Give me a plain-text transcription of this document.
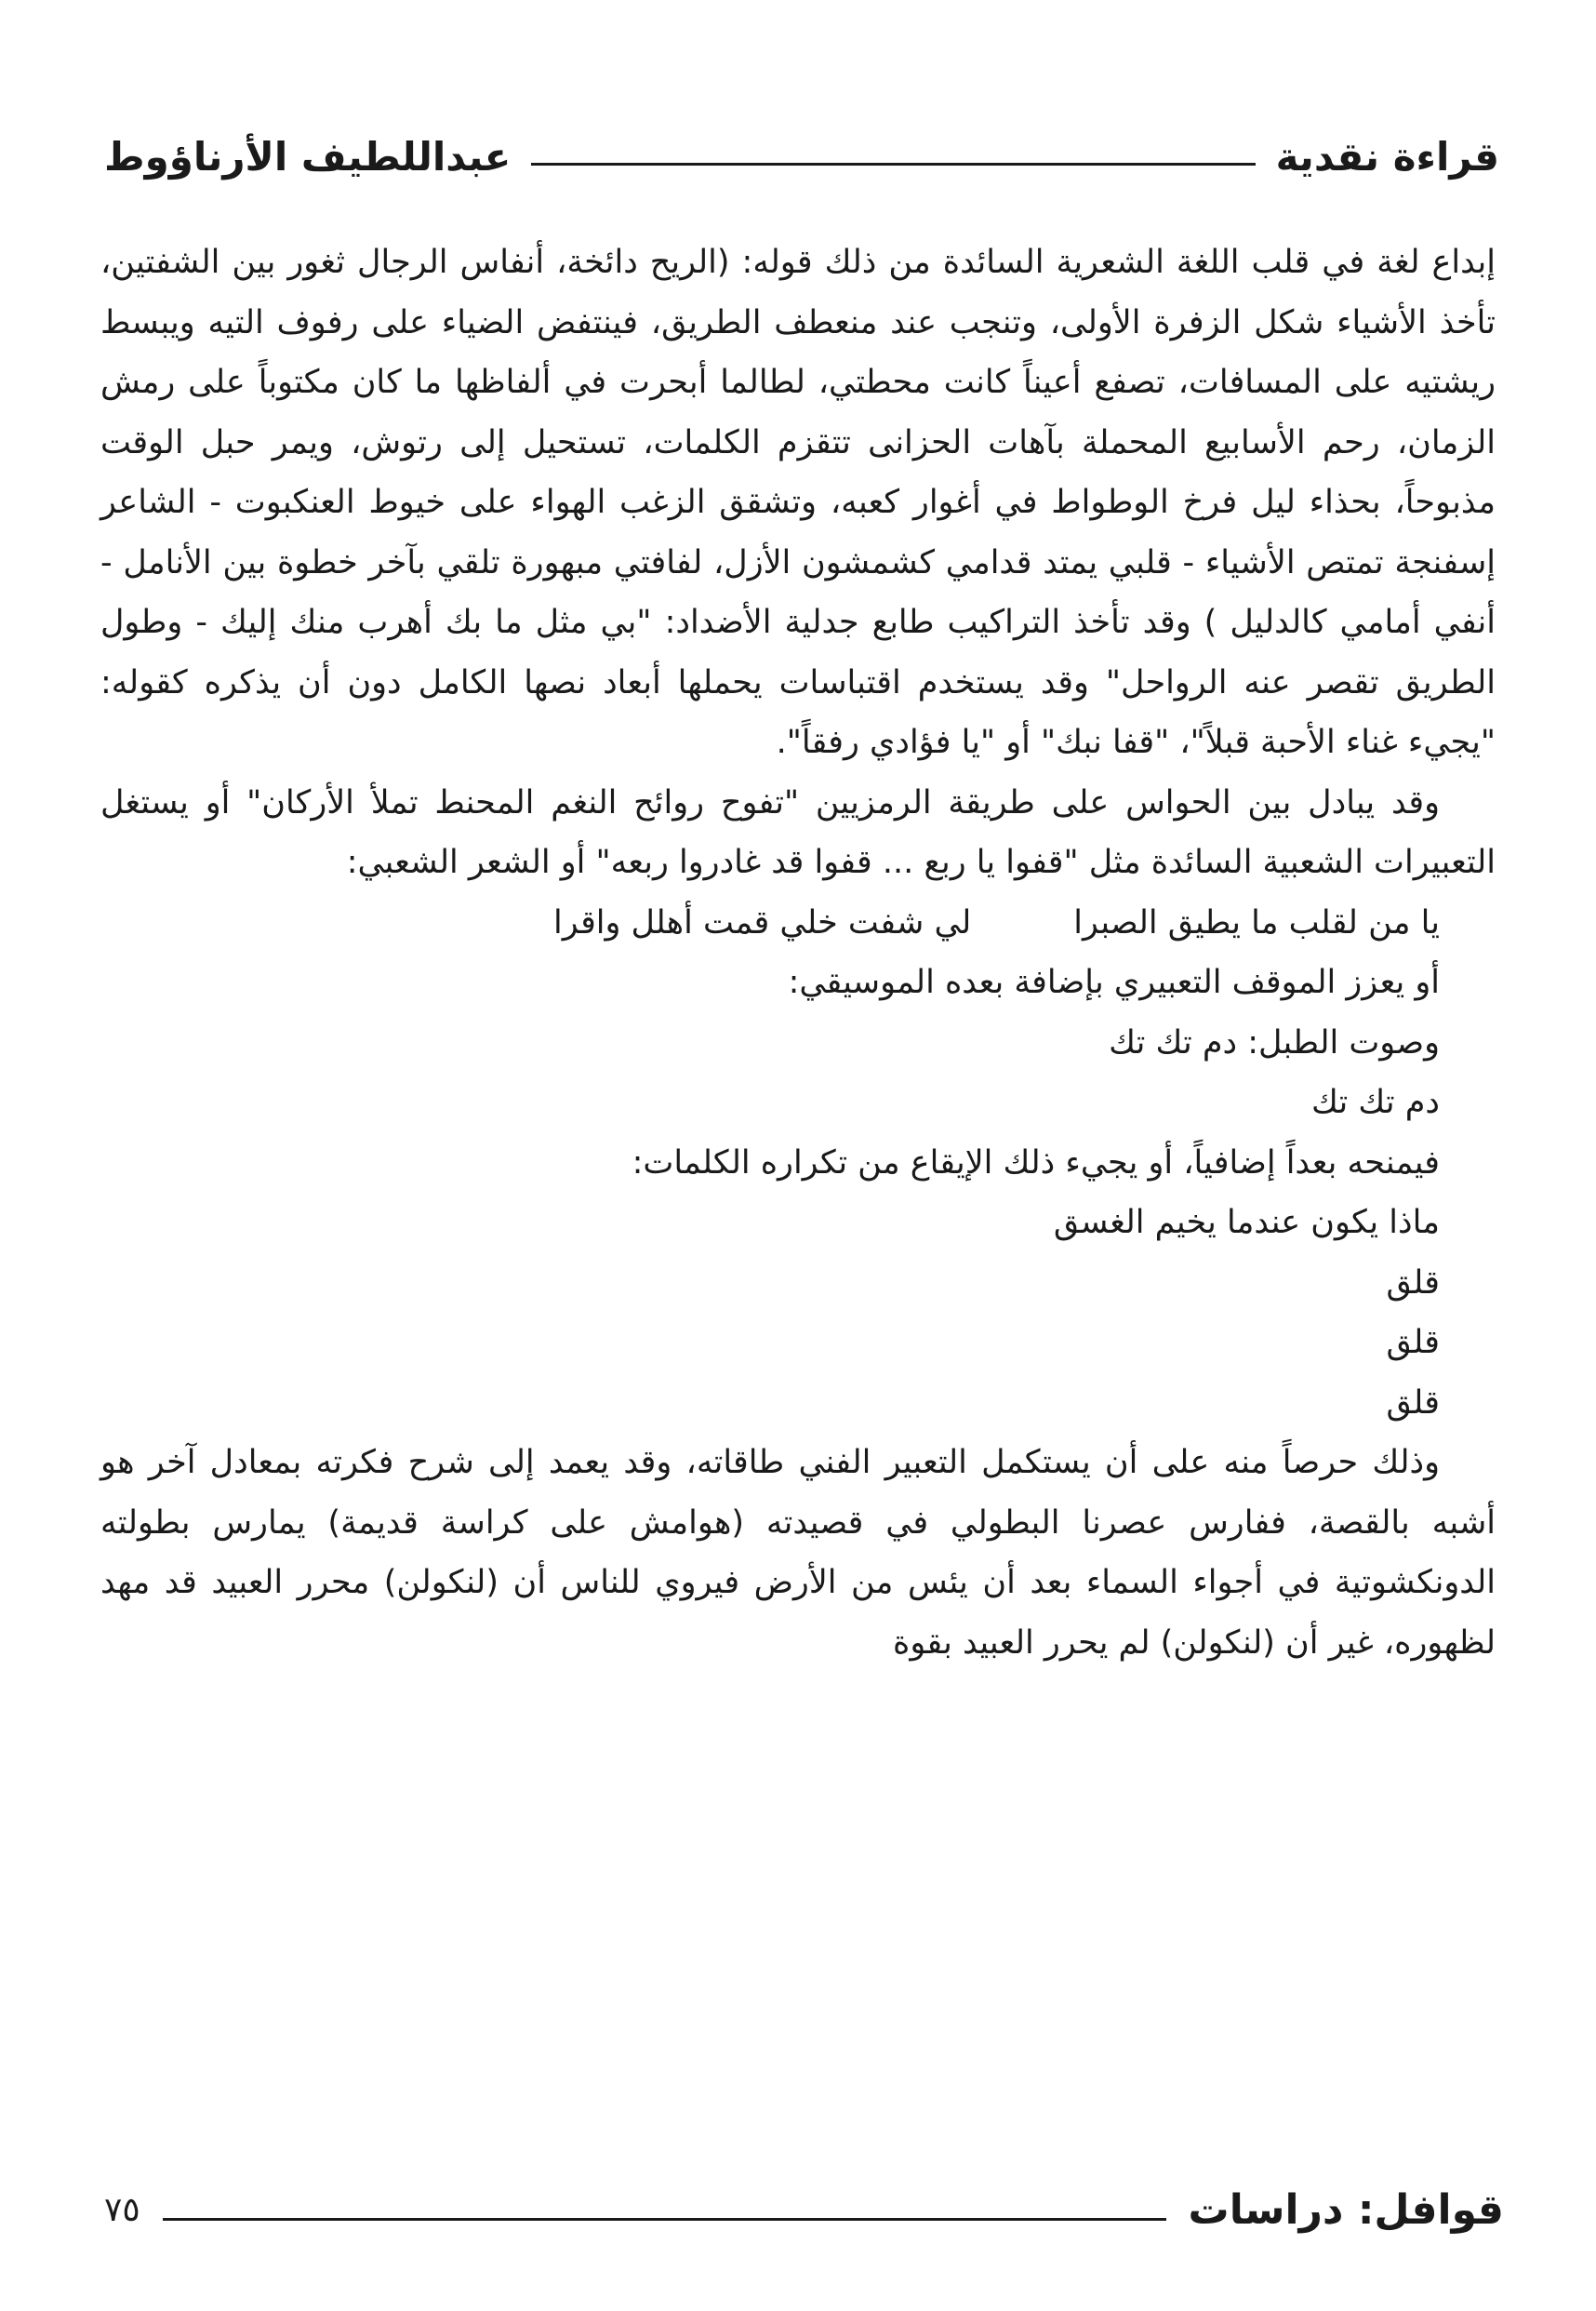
قراءة نقدية
عبداللطيف الأرناؤوط

إبداع لغة في قلب اللغة الشعرية السائدة من ذلك قوله: (الريح دائخة، أنفاس الرجال ثغور بين الشفتين، تأخذ الأشياء شكل الزفرة الأولى، وتنجب عند منعطف الطريق، فينتفض الضياء على رفوف التيه ويبسط ريشتيه على المسافات، تصفع أعيناً كانت محطتي، لطالما أبحرت في ألفاظها ما كان مكتوباً على رمش الزمان، رحم الأسابيع المحملة بآهات الحزانى تتقزم الكلمات، تستحيل إلى رتوش، ويمر حبل الوقت مذبوحاً، بحذاء ليل فرخ الوطواط في أغوار كعبه، وتشقق الزغب الهواء على خيوط العنكبوت - الشاعر إسفنجة تمتص الأشياء - قلبي يمتد قدامي كشمشون الأزل، لفافتي مبهورة تلقي بآخر خطوة بين الأنامل - أنفي أمامي كالدليل ) وقد تأخذ التراكيب طابع جدلية الأضداد: "بي مثل ما بك أهرب منك إليك - وطول الطريق تقصر عنه الرواحل" وقد يستخدم اقتباسات يحملها أبعاد نصها الكامل دون أن يذكره كقوله: "يجيء غناء الأحبة قبلاً"، "قفا نبك" أو "يا فؤادي رفقاً".

وقد يبادل بين الحواس على طريقة الرمزيين "تفوح روائح النغم المحنط تملأ الأركان" أو يستغل التعبيرات الشعبية السائدة مثل "قفوا يا ربع ... قفوا قد غادروا ربعه" أو الشعر الشعبي:

يا من لقلب ما يطيق الصبرا
لي شفت خلي قمت أهلل واقرا
أو يعزز الموقف التعبيري بإضافة بعده الموسيقي:
وصوت الطبل: دم تك تك
دم تك تك
فيمنحه بعداً إضافياً، أو يجيء ذلك الإيقاع من تكراره الكلمات:
ماذا يكون عندما يخيم الغسق
قلق
قلق
قلق

وذلك حرصاً منه على أن يستكمل التعبير الفني طاقاته، وقد يعمد إلى شرح فكرته بمعادل آخر هو أشبه بالقصة، ففارس عصرنا البطولي في قصيدته (هوامش على كراسة قديمة) يمارس بطولته الدونكشوتية في أجواء السماء بعد أن يئس من الأرض فيروي للناس أن (لنكولن) محرر العبيد قد مهد لظهوره، غير أن (لنكولن) لم يحرر العبيد بقوة

قوافل: دراسات
٧٥
